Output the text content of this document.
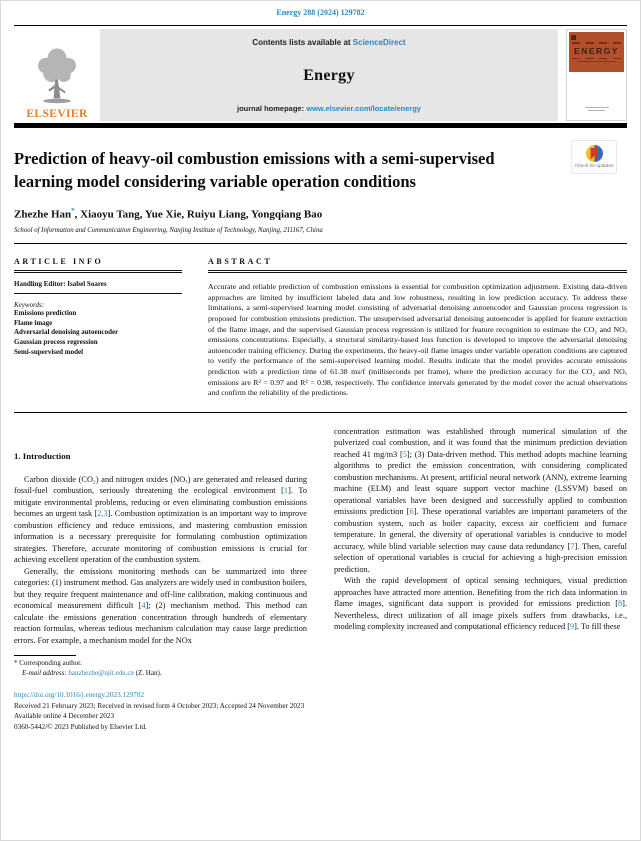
Energy 288 (2024) 129782
ELSEVIER
Contents lists available at ScienceDirect
Energy
journal homepage: www.elsevier.com/locate/energy
ENERGY
Prediction of heavy-oil combustion emissions with a semi-supervised learning model considering variable operation conditions
Zhezhe Han*, Xiaoyu Tang, Yue Xie, Ruiyu Liang, Yongqiang Bao
School of Information and Communication Engineering, Nanjing Institute of Technology, Nanjing, 211167, China
ARTICLE INFO
Handling Editor: Isabel Soares
Keywords:
Emissions prediction
Flame image
Adversarial denoising autoencoder
Gaussian process regression
Semi-supervised model
ABSTRACT
Accurate and reliable prediction of combustion emissions is essential for combustion optimization adjustment. Existing data-driven approaches are limited by insufficient labeled data and low robustness, resulting in low prediction accuracy. To address these limitations, a semi-supervised learning model consisting of adversarial denoising autoencoder and Gaussian process regression is proposed for combustion emissions prediction. The unsupervised adversarial denoising autoencoder is applied for feature extraction of the flame image, and the supervised Gaussian process regression is utilized for feature recognition to estimate the CO₂ and NOₓ emissions concentrations. Especially, a structural similarity-based loss function is developed to improve the adversarial denoising autoencoder training efficiency. During the experiments, the heavy-oil flame images under variable operation conditions are captured to verify the performance of the semi-supervised learning model. Results indicate that the model provides accurate emissions prediction with a prediction time of 61.38 ms/f (milliseconds per frame), where the prediction accuracy for the CO₂ and NOₓ emissions are R² = 0.97 and R² = 0.98, respectively. The confidence intervals generated by the model cover the actual observations and confirm the reliability of the predictions.
1. Introduction

Carbon dioxide (CO₂) and nitrogen oxides (NOₓ) are generated and released during fossil-fuel combustion, seriously threatening the ecological environment [1]. To mitigate environmental problems, reducing or even eliminating combustion emissions becomes an urgent task [2,3]. Combustion optimization is an important way to improve combustion efficiency and reduce emissions, and mastering combustion emission information is a necessary prerequisite for formulating combustion optimization strategies. Therefore, accurate monitoring of combustion emissions is crucial for achieving excellent operation of the combustion system.

Generally, the emissions monitoring methods can be summarized into three categories: (1) instrument method. Gas analyzers are widely used in combustion boilers, but they require frequent maintenance and off-line calibration, making continuous and economical measurement difficult [4]; (2) mechanism method. This method can calculate the emissions generation concentration through hundreds of elementary reaction formulas, whereas tedious mechanism calculation may cause large prediction errors. For example, a mechanism model for the NOx

* Corresponding author.
E-mail address: hanzhezhe@njit.edu.cn (Z. Han).

concentration estimation was established through numerical simulation of the pulverized coal combustion, and it was found that the minimum prediction deviation reached 41 mg/m3 [5]; (3) Data-driven method. This method adopts machine learning algorithms to predict the emission concentration, with considering complicated combustion mechanisms. At present, artificial neural network (ANN), extreme learning machine (ELM) and least square support vector machine (LSSVM) based on operational variables have been designed and successfully applied to combustion emissions prediction [6]. These operational variables are important parameters of the combustion system, such as boiler capacity, excess air coefficient and furnace temperature. In general, the diversity of operational variables is conducive to model accuracy, while blind variable selection may cause data redundancy [7]. Then, careful selection of operational variables is crucial for achieving a high-precision emission prediction.

With the rapid development of optical sensing techniques, visual prediction approaches have attracted more attention. Benefiting from the rich data information in flame images, significant data support is provided for emissions prediction [8]. Nevertheless, direct utilization of all image pixels suffers from drawbacks, i.e., modeling complexity increased and computational efficiency reduced [9]. To fill these

https://doi.org/10.1016/j.energy.2023.129782
Received 21 February 2023; Received in revised form 4 October 2023; Accepted 24 November 2023
Available online 4 December 2023
0360-5442/© 2023 Published by Elsevier Ltd.
Check for updates
